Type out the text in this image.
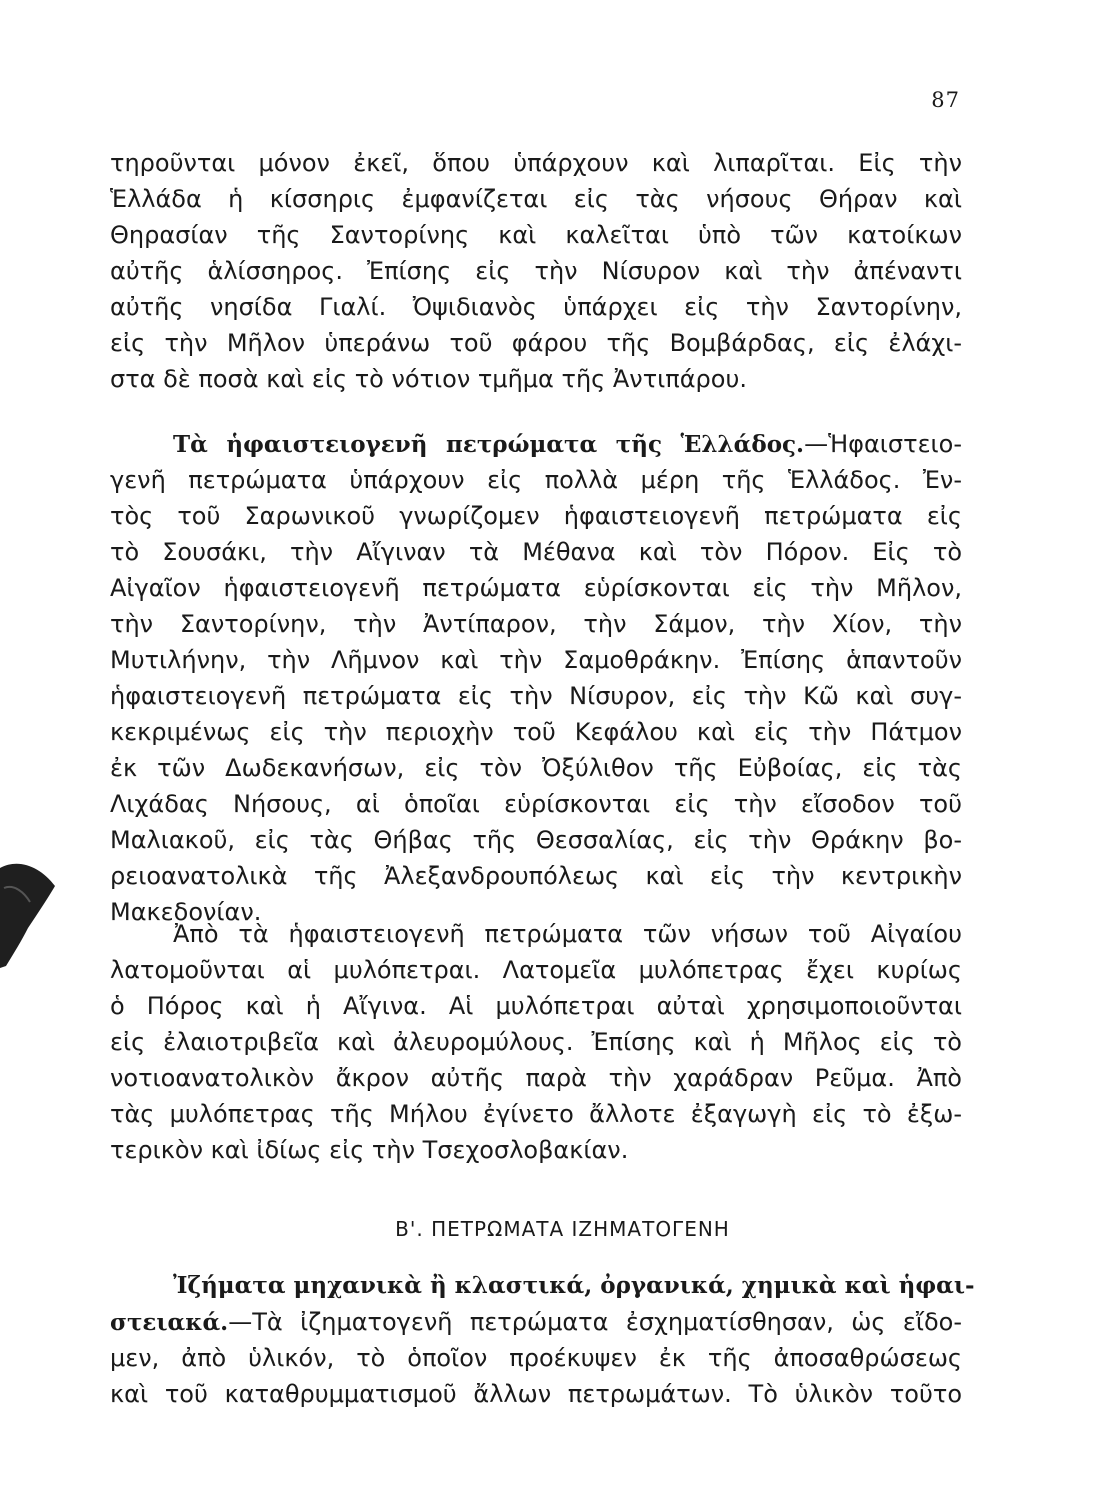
87
τηροῦνται μόνον ἐκεῖ, ὅπου ὑπάρχουν καὶ λιπαρῖται. Εἰς τὴν
Ἑλλάδα ἡ κίσσηρις ἐμφανίζεται εἰς τὰς νήσους Θήραν καὶ
Θηρασίαν τῆς Σαντορίνης καὶ καλεῖται ὑπὸ τῶν κατοίκων
αὐτῆς ἁλίσσηρος. Ἐπίσης εἰς τὴν Νίσυρον καὶ τὴν ἀπέναντι
αὐτῆς νησίδα Γιαλί. Ὀψιδιανὸς ὑπάρχει εἰς τὴν Σαντορίνην,
εἰς τὴν Μῆλον ὑπεράνω τοῦ φάρου τῆς Βομβάρδας, εἰς ἐλάχι-
στα δὲ ποσὰ καὶ εἰς τὸ νότιον τμῆμα τῆς Ἀντιπάρου.
Τὰ ἡφαιστειογενῆ πετρώματα τῆς Ἑλλάδος.—Ἡφαιστειο-
γενῆ πετρώματα ὑπάρχουν εἰς πολλὰ μέρη τῆς Ἑλλάδος. Ἐν-
τὸς τοῦ Σαρωνικοῦ γνωρίζομεν ἡφαιστειογενῆ πετρώματα εἰς
τὸ Σουσάκι, τὴν Αἴγιναν τὰ Μέθανα καὶ τὸν Πόρον. Εἰς τὸ
Αἰγαῖον ἡφαιστειογενῆ πετρώματα εὑρίσκονται εἰς τὴν Μῆλον,
τὴν Σαντορίνην, τὴν Ἀντίπαρον, τὴν Σάμον, τὴν Χίον, τὴν
Μυτιλήνην, τὴν Λῆμνον καὶ τὴν Σαμοθράκην. Ἐπίσης ἁπαντοῦν
ἡφαιστειογενῆ πετρώματα εἰς τὴν Νίσυρον, εἰς τὴν Κῶ καὶ συγ-
κεκριμένως εἰς τὴν περιοχὴν τοῦ Κεφάλου καὶ εἰς τὴν Πάτμον
ἐκ τῶν Δωδεκανήσων, εἰς τὸν Ὀξύλιθον τῆς Εὐβοίας, εἰς τὰς
Λιχάδας Νήσους, αἱ ὁποῖαι εὑρίσκονται εἰς τὴν εἴσοδον τοῦ
Μαλιακοῦ, εἰς τὰς Θήβας τῆς Θεσσαλίας, εἰς τὴν Θράκην βο-
ρειοανατολικὰ τῆς Ἀλεξανδρουπόλεως καὶ εἰς τὴν κεντρικὴν
Μακεδονίαν.
Ἀπὸ τὰ ἡφαιστειογενῆ πετρώματα τῶν νήσων τοῦ Αἰγαίου
λατομοῦνται αἱ μυλόπετραι. Λατομεῖα μυλόπετρας ἔχει κυρίως
ὁ Πόρος καὶ ἡ Αἴγινα. Αἱ μυλόπετραι αὐταὶ χρησιμοποιοῦνται
εἰς ἐλαιοτριβεῖα καὶ ἀλευρομύλους. Ἐπίσης καὶ ἡ Μῆλος εἰς τὸ
νοτιοανατολικὸν ἄκρον αὐτῆς παρὰ τὴν χαράδραν Ρεῦμα. Ἀπὸ
τὰς μυλόπετρας τῆς Μήλου ἐγίνετο ἄλλοτε ἐξαγωγὴ εἰς τὸ ἐξω-
τερικὸν καὶ ἰδίως εἰς τὴν Τσεχοσλοβακίαν.
Β'. ΠΕΤΡΩΜΑΤΑ ΙΖΗΜΑΤΟΓΕΝΗ
Ἰζήματα μηχανικὰ ἢ κλαστικά, ὀργανικά, χημικὰ καὶ ἡφαι-
στειακά.—Τὰ ἰζηματογενῆ πετρώματα ἐσχηματίσθησαν, ὡς εἴδο-
μεν, ἀπὸ ὑλικόν, τὸ ὁποῖον προέκυψεν ἐκ τῆς ἀποσαθρώσεως
καὶ τοῦ καταθρυμματισμοῦ ἄλλων πετρωμάτων. Τὸ ὑλικὸν τοῦτο
